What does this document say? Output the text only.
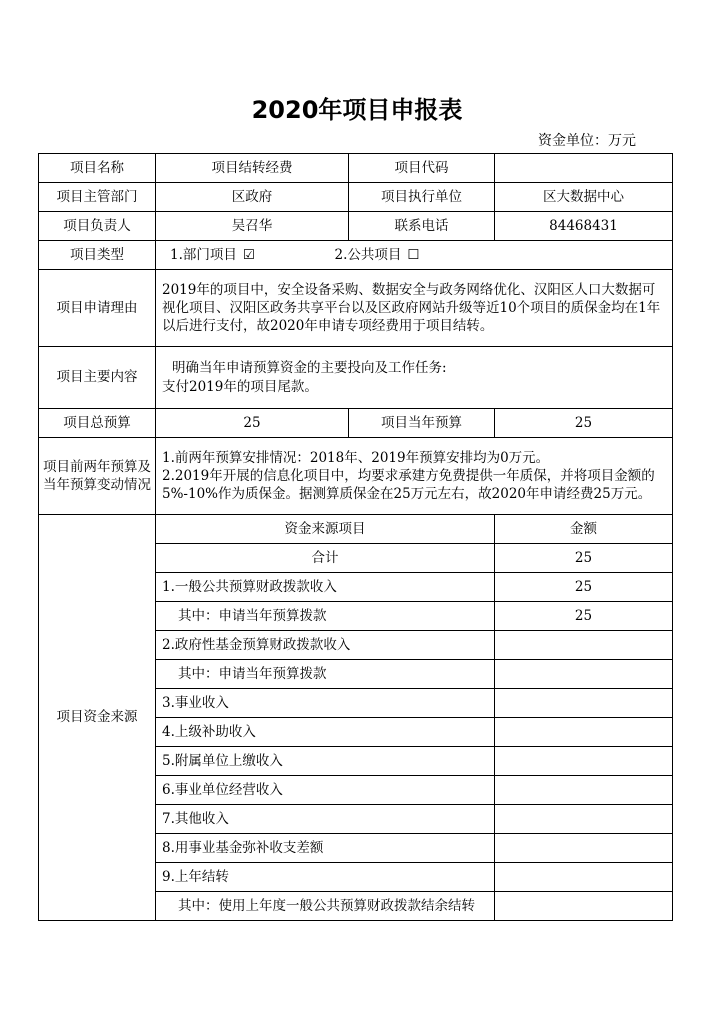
2020年项目申报表
资金单位：万元
项目名称	项目结转经费	项目代码	
项目主管部门	区政府	项目执行单位	区大数据中心
项目负责人	吴召华	联系电话	84468431
项目类型	1.部门项目 ☑	2.公共项目 ☐	
项目申请理由	2019年的项目中，安全设备采购、数据安全与政务网络优化、汉阳区人口大数据可视化项目、汉阳区政务共享平台以及区政府网站升级等近10个项目的质保金均在1年以后进行支付，故2020年申请专项经费用于项目结转。		
项目主要内容	明确当年申请预算资金的主要投向及工作任务:
支付2019年的项目尾款。		

项目总预算	25	项目当年预算	25
项目前两年预算及当年预算变动情况	1.前两年预算安排情况：2018年、2019年预算安排均为0万元。
2.2019年开展的信息化项目中，均要求承建方免费提供一年质保，并将项目金额的5%-10%作为质保金。据测算质保金在25万元左右，故2020年申请经费25万元。		

项目资金来源	资金来源项目		金额
	合计		25
	1.一般公共预算财政拨款收入		25
	其中：申请当年预算拨款		25
	2.政府性基金预算财政拨款收入		
	其中：申请当年预算拨款		
	3.事业收入		
	4.上级补助收入		
	5.附属单位上缴收入		
	6.事业单位经营收入		
	7.其他收入		
	8.用事业基金弥补收支差额		
	9.上年结转		
	其中：使用上年度一般公共预算财政拨款结余结转		
